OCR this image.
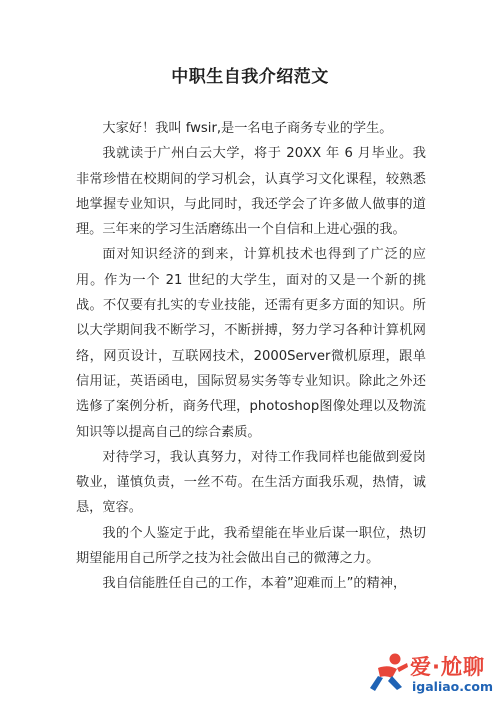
中职生自我介绍范文

大家好！我叫 fwsir,是一名电子商务专业的学生。

我就读于广州白云大学，将于 20XX 年 6 月毕业。我非常珍惜在校期间的学习机会，认真学习文化课程，较熟悉地掌握专业知识，与此同时，我还学会了许多做人做事的道理。三年来的学习生活磨练出一个自信和上进心强的我。

面对知识经济的到来，计算机技术也得到了广泛的应用。作为一个 21 世纪的大学生，面对的又是一个新的挑战。不仅要有扎实的专业技能，还需有更多方面的知识。所以大学期间我不断学习，不断拼搏，努力学习各种计算机网络，网页设计，互联网技术，2000Server微机原理，跟单信用证，英语函电，国际贸易实务等专业知识。除此之外还选修了案例分析，商务代理，photoshop图像处理以及物流知识等以提高自己的综合素质。

对待学习，我认真努力，对待工作我同样也能做到爱岗敬业，谨慎负责，一丝不苟。在生活方面我乐观，热情，诚恳，宽容。

我的个人鉴定于此，我希望能在毕业后谋一职位，热切期望能用自己所学之技为社会做出自己的微薄之力。

我自信能胜任自己的工作，本着”迎难而上”的精神，

爱·尬聊
igaliao.com
